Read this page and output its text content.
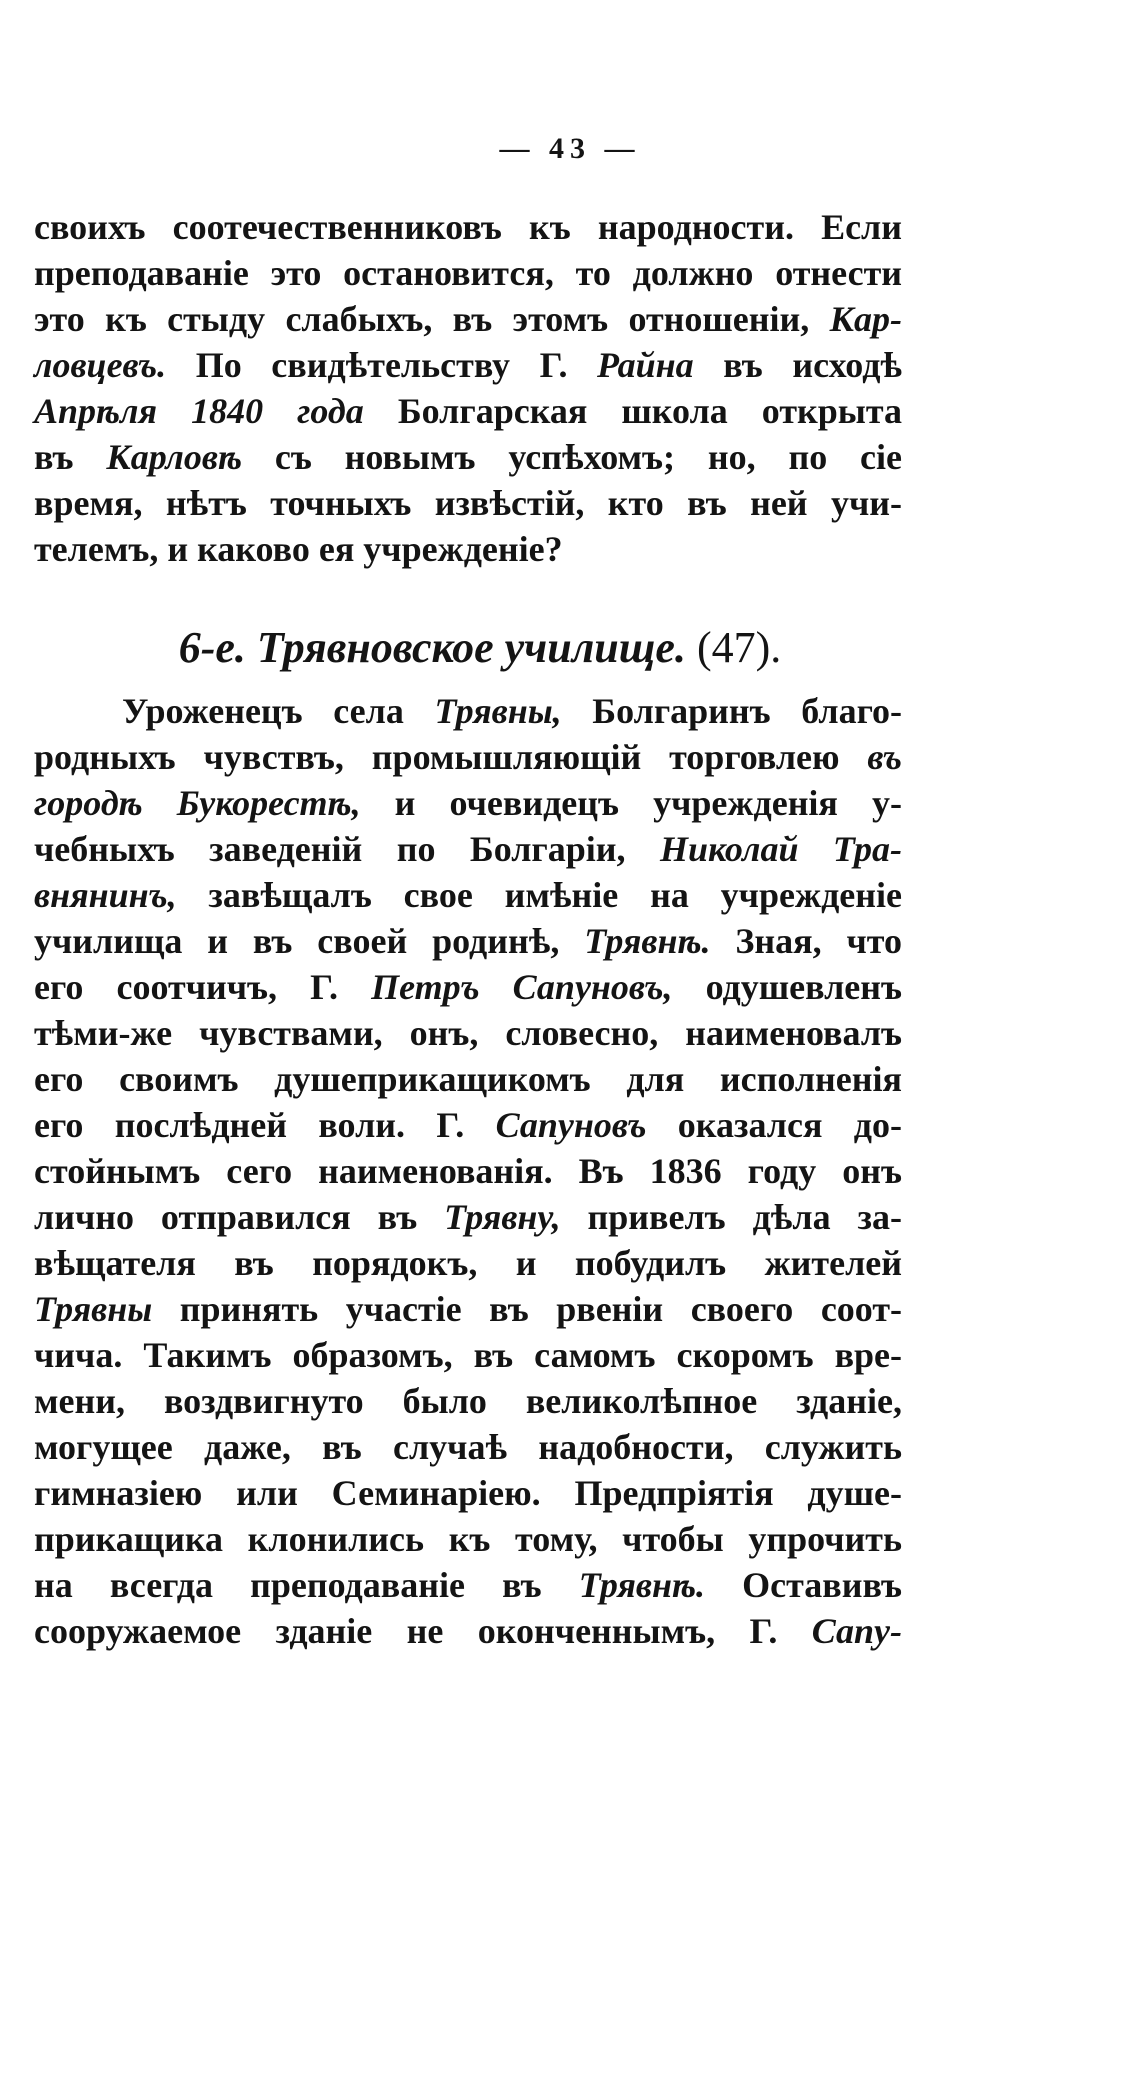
— 43 —
своихъ соотечественниковъ къ народности. Если
преподаваніе это остановится, то должно отнести
это къ стыду слабыхъ, въ этомъ отношеніи, Кар-
ловцевъ. По свидѣтельству Г. Райна въ исходѣ
Апрѣля 1840 года Болгарская школа открыта
въ Карловѣ съ новымъ успѣхомъ; но, по сіе
время, нѣтъ точныхъ извѣстій, кто въ ней учи-
телемъ, и каково ея учрежденіе?
6-е. Трявновское училище. (47).
Уроженецъ села Трявны, Болгаринъ благо-
родныхъ чувствъ, промышляющій торговлею въ
городѣ Букорестѣ, и очевидецъ учрежденія у-
чебныхъ заведеній по Болгаріи, Николай Тра-
внянинъ, завѣщалъ свое имѣніе на учрежденіе
училища и въ своей родинѣ, Трявнѣ. Зная, что
его соотчичъ, Г. Петръ Сапуновъ, одушевленъ
тѣми-же чувствами, онъ, словесно, наименовалъ
его своимъ душеприкащикомъ для исполненія
его послѣдней воли. Г. Сапуновъ оказался до-
стойнымъ сего наименованія. Въ 1836 году онъ
лично отправился въ Трявну, привелъ дѣла за-
вѣщателя въ порядокъ, и побудилъ жителей
Трявны принять участіе въ рвеніи своего соот-
чича. Такимъ образомъ, въ самомъ скоромъ вре-
мени, воздвигнуто было великолѣпное зданіе,
могущее даже, въ случаѣ надобности, служить
гимназіею или Семинаріею. Предпріятія душе-
прикащика клонились къ тому, чтобы упрочить
на всегда преподаваніе въ Трявнѣ. Оставивъ
сооружаемое зданіе не оконченнымъ, Г. Сапу-
